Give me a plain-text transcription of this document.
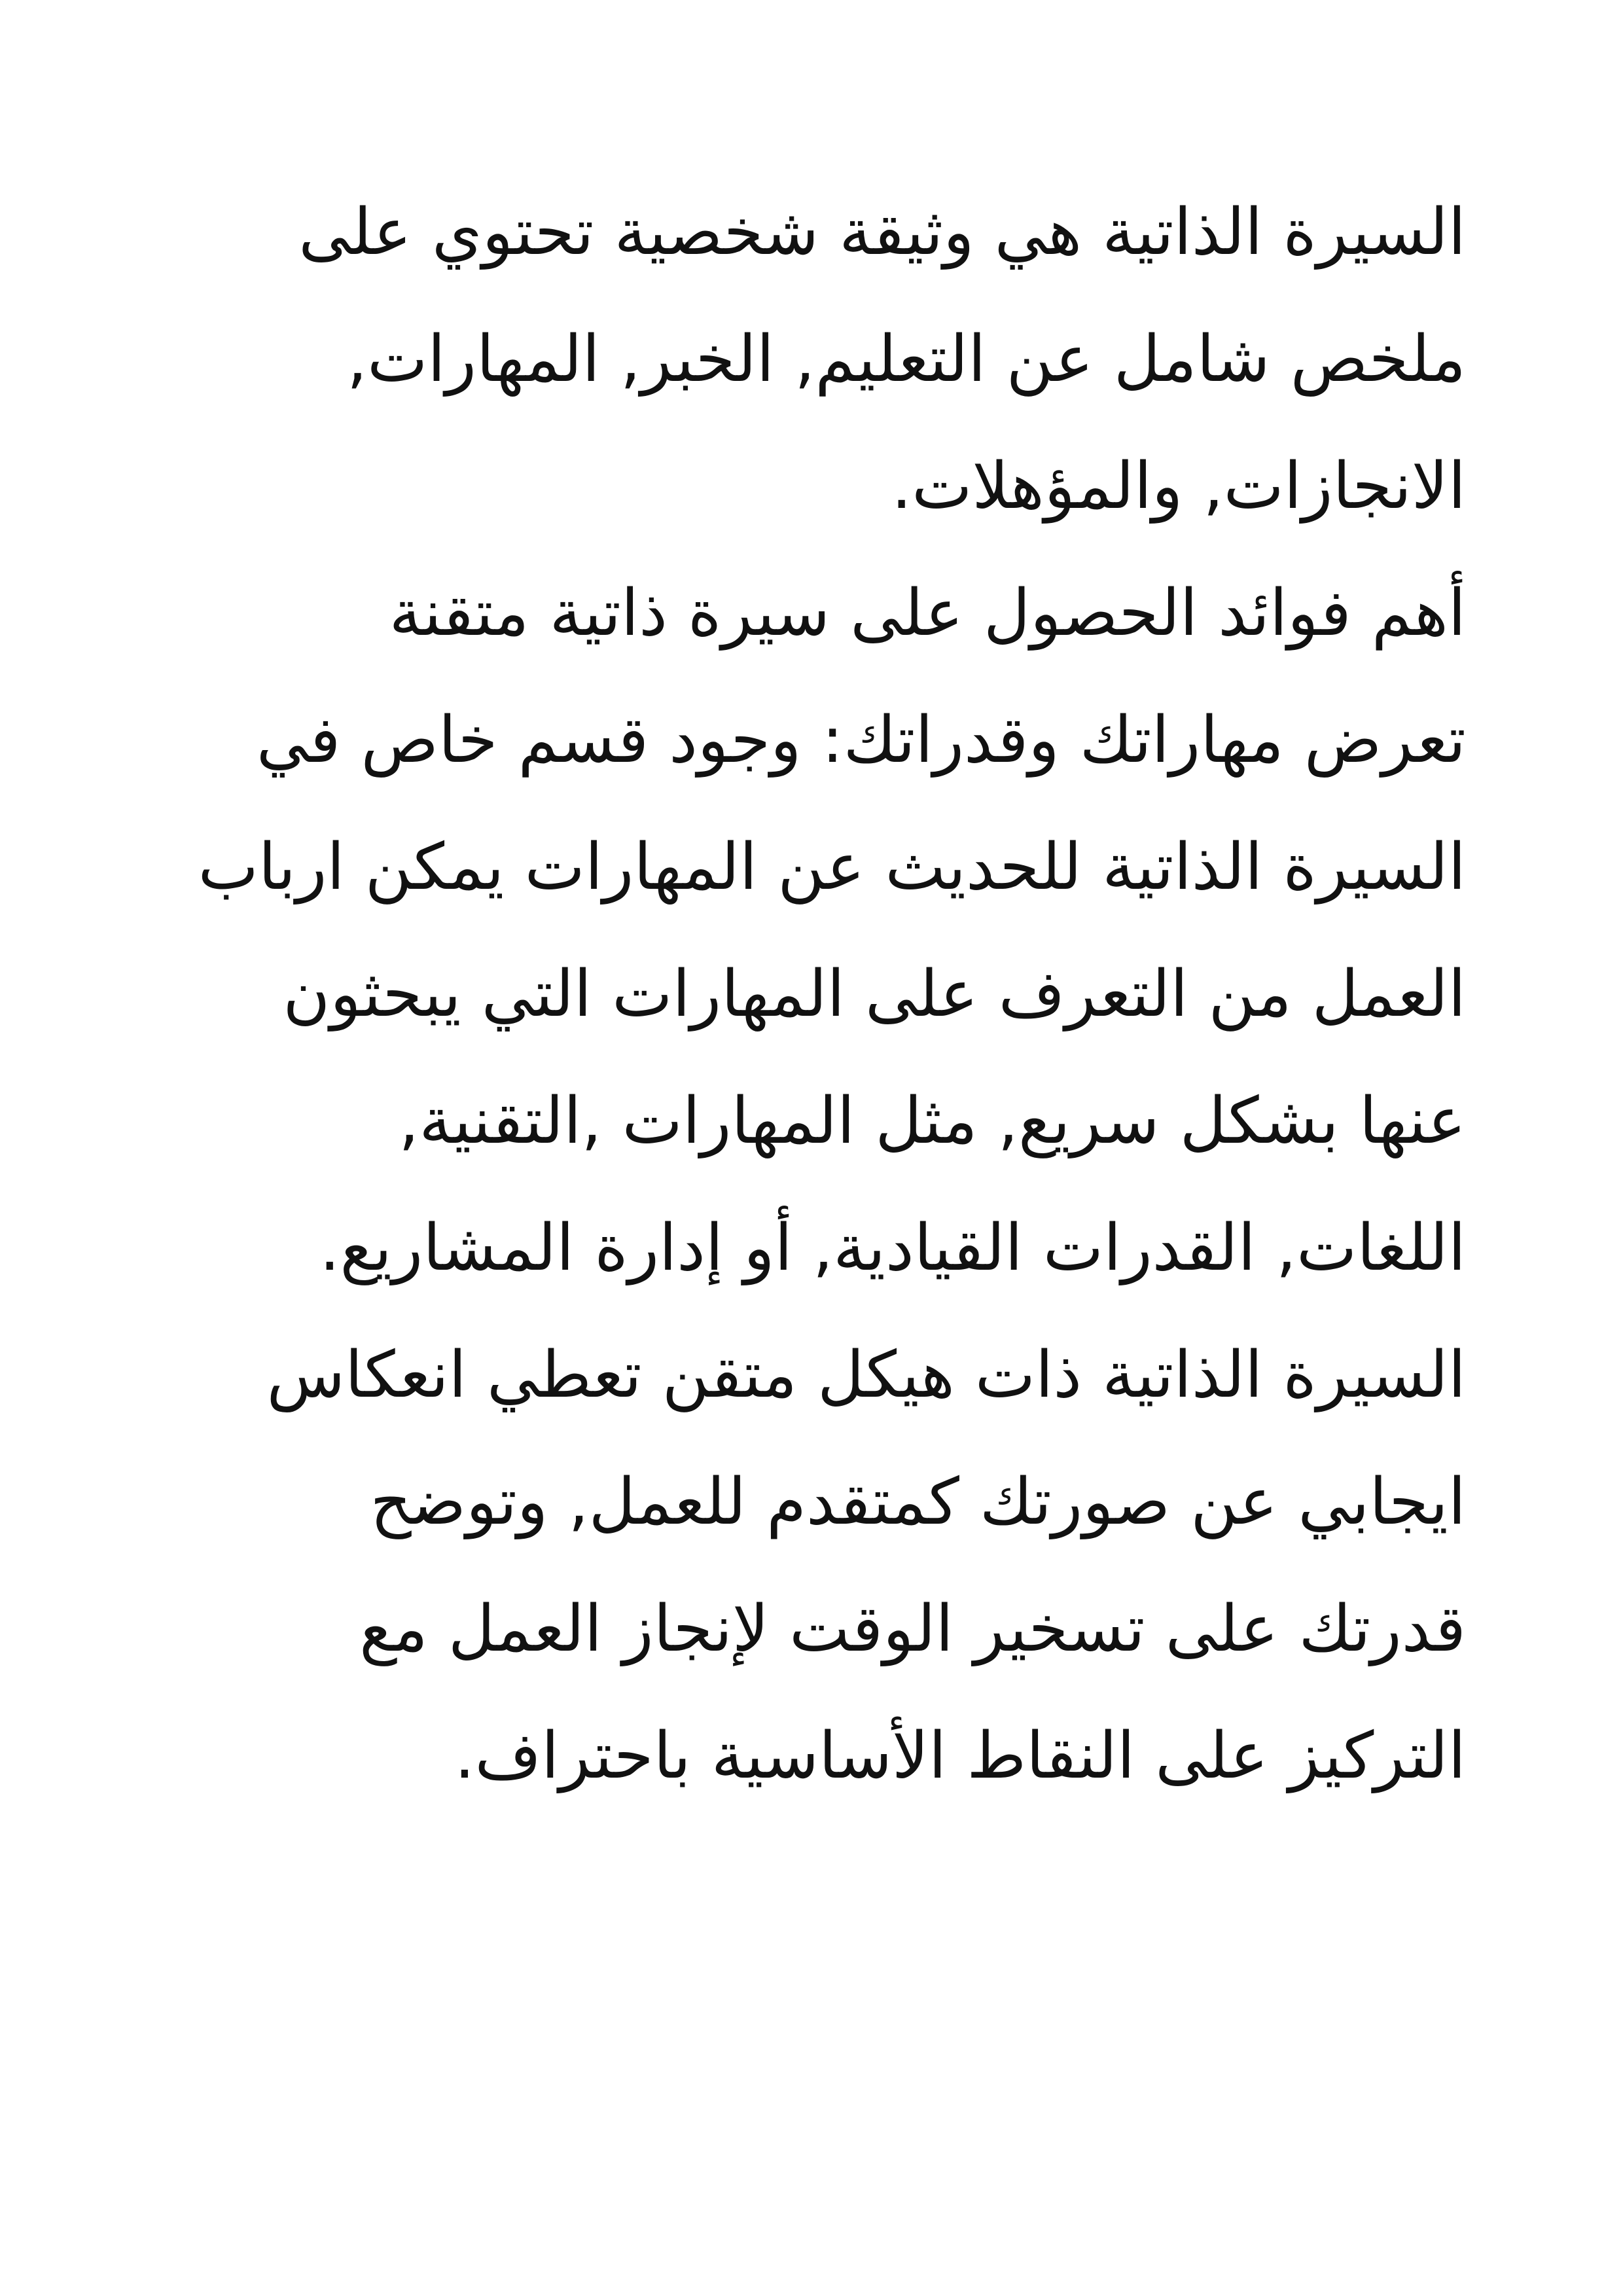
السيرة الذاتية هي وثيقة شخصية تحتوي على
ملخص شامل عن التعليم, الخبر, المهارات,
الانجازات, والمؤهلات.
أهم فوائد الحصول على سيرة ذاتية متقنة
تعرض مهاراتك وقدراتك: وجود قسم خاص في
السيرة الذاتية للحديث عن المهارات يمكن ارباب
العمل من التعرف على المهارات التي يبحثون
عنها بشكل سريع, مثل المهارات ,التقنية,
اللغات, القدرات القيادية, أو إدارة المشاريع.
السيرة الذاتية ذات هيكل متقن تعطي انعكاس
ايجابي عن صورتك كمتقدم للعمل, وتوضح
قدرتك على تسخير الوقت لإنجاز العمل مع
التركيز على النقاط الأساسية باحتراف.
